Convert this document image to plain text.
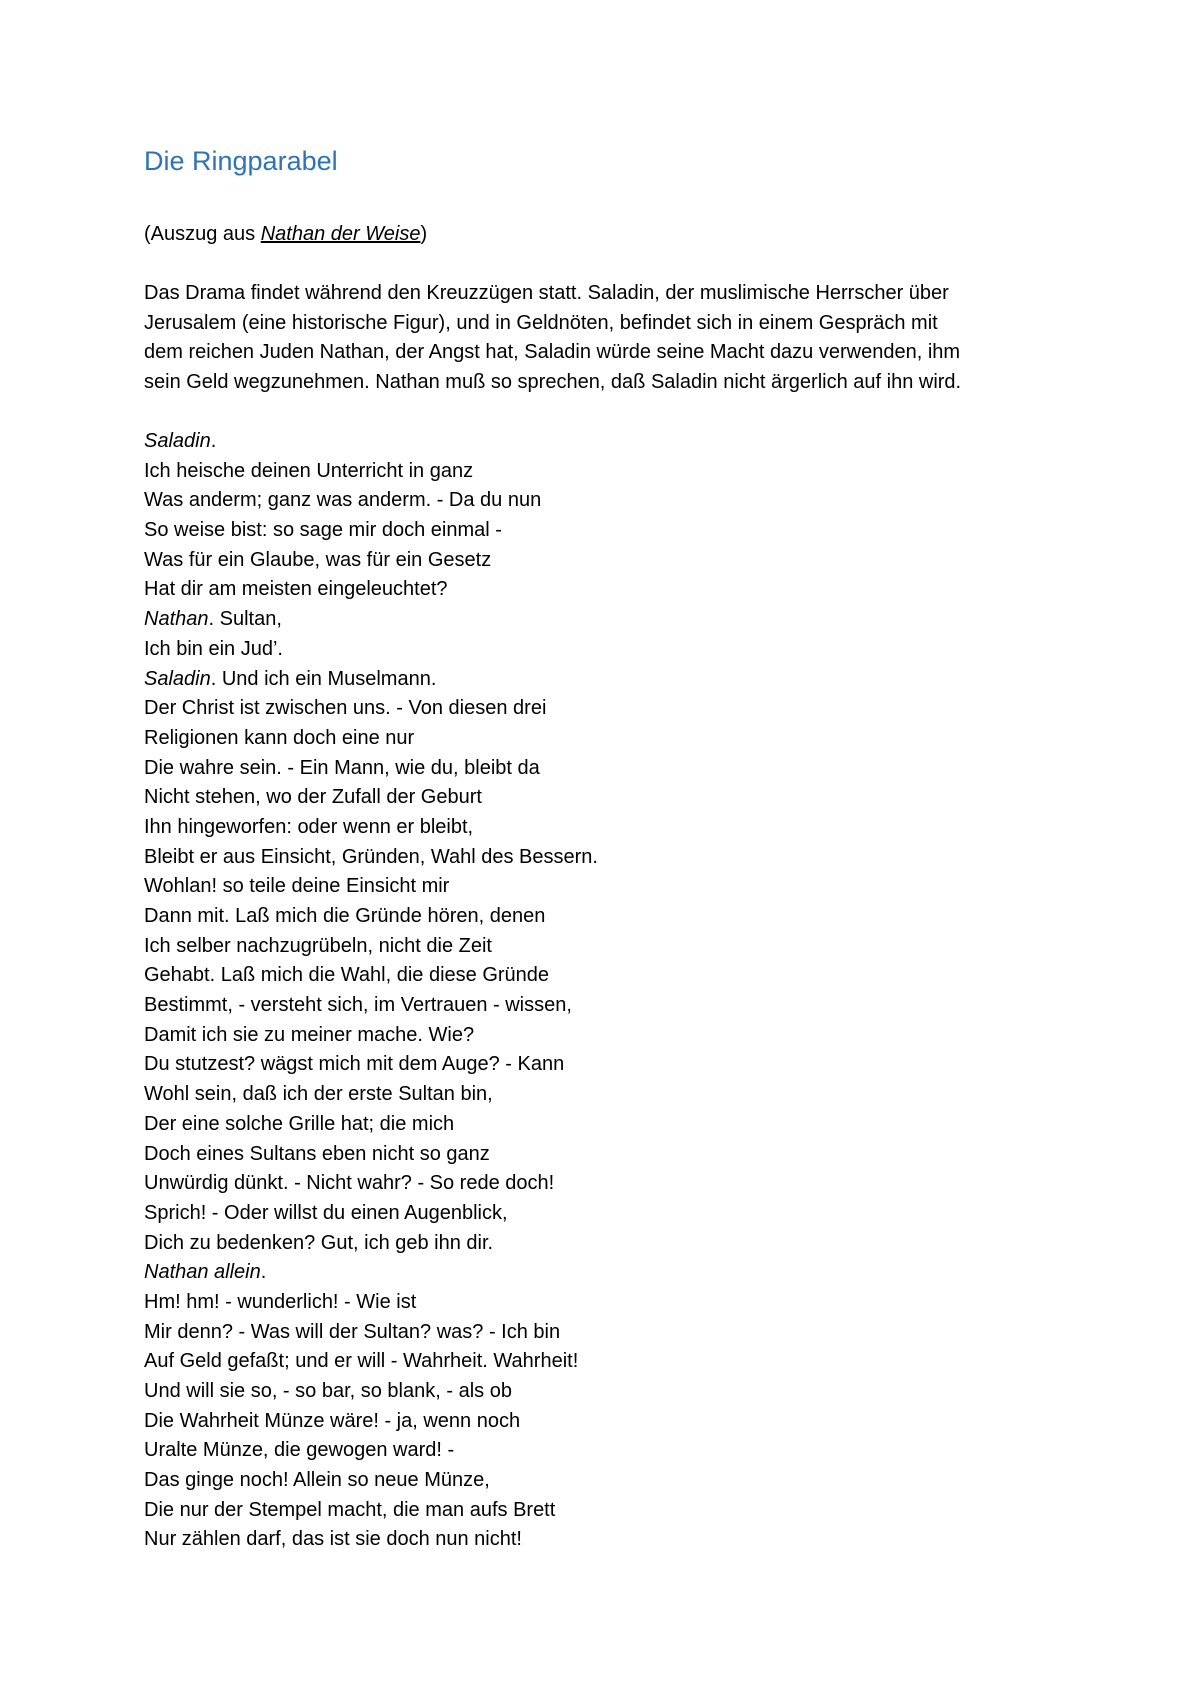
Die Ringparabel
(Auszug aus Nathan der Weise)
Das Drama findet während den Kreuzzügen statt. Saladin, der muslimische Herrscher über
Jerusalem (eine historische Figur), und in Geldnöten, befindet sich in einem Gespräch mit
dem reichen Juden Nathan, der Angst hat, Saladin würde seine Macht dazu verwenden, ihm
sein Geld wegzunehmen. Nathan muß so sprechen, daß Saladin nicht ärgerlich auf ihn wird.
Saladin.
Ich heische deinen Unterricht in ganz
Was anderm; ganz was anderm. - Da du nun
So weise bist: so sage mir doch einmal -
Was für ein Glaube, was für ein Gesetz
Hat dir am meisten eingeleuchtet?
Nathan. Sultan,
Ich bin ein Jud’.
Saladin. Und ich ein Muselmann.
Der Christ ist zwischen uns. - Von diesen drei
Religionen kann doch eine nur
Die wahre sein. - Ein Mann, wie du, bleibt da
Nicht stehen, wo der Zufall der Geburt
Ihn hingeworfen: oder wenn er bleibt,
Bleibt er aus Einsicht, Gründen, Wahl des Bessern.
Wohlan! so teile deine Einsicht mir
Dann mit. Laß mich die Gründe hören, denen
Ich selber nachzugrübeln, nicht die Zeit
Gehabt. Laß mich die Wahl, die diese Gründe
Bestimmt, - versteht sich, im Vertrauen - wissen,
Damit ich sie zu meiner mache. Wie?
Du stutzest? wägst mich mit dem Auge? - Kann
Wohl sein, daß ich der erste Sultan bin,
Der eine solche Grille hat; die mich
Doch eines Sultans eben nicht so ganz
Unwürdig dünkt. - Nicht wahr? - So rede doch!
Sprich! - Oder willst du einen Augenblick,
Dich zu bedenken? Gut, ich geb ihn dir.
Nathan allein.
Hm! hm! - wunderlich! - Wie ist
Mir denn? - Was will der Sultan? was? - Ich bin
Auf Geld gefaßt; und er will - Wahrheit. Wahrheit!
Und will sie so, - so bar, so blank, - als ob
Die Wahrheit Münze wäre! - ja, wenn noch
Uralte Münze, die gewogen ward! -
Das ginge noch! Allein so neue Münze,
Die nur der Stempel macht, die man aufs Brett
Nur zählen darf, das ist sie doch nun nicht!
